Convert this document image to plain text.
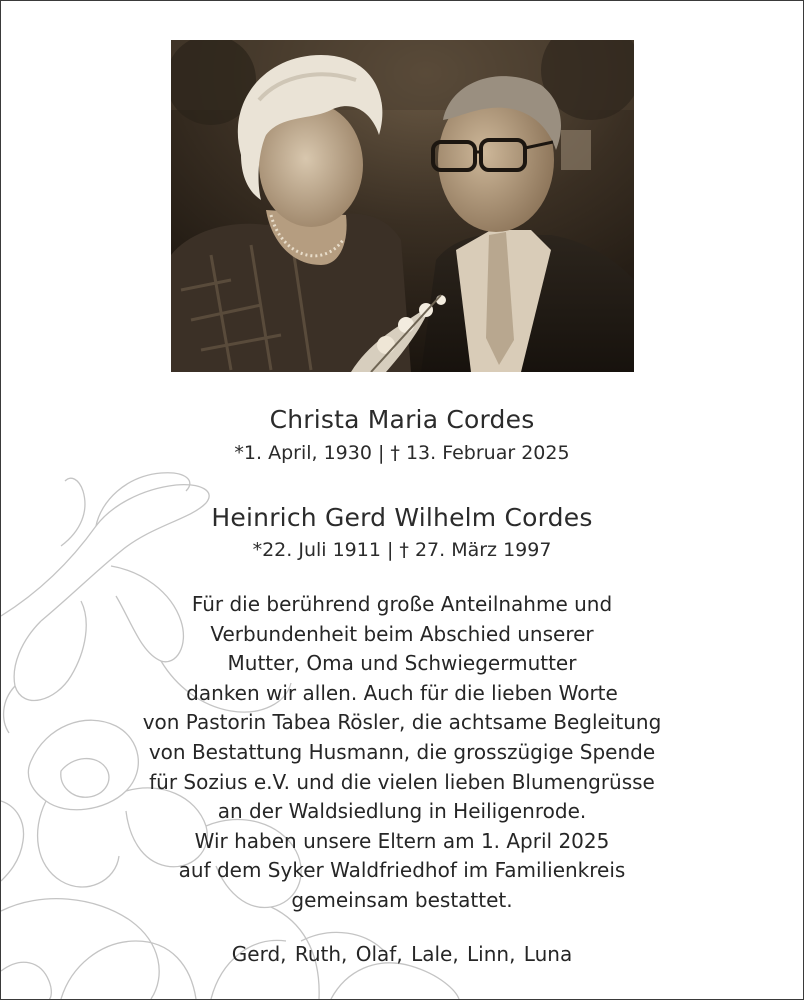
Christa Maria Cordes
*1. April, 1930 | † 13. Februar 2025
Heinrich Gerd Wilhelm Cordes
*22. Juli 1911 | † 27. März 1997
Für die berührend große Anteilnahme und
Verbundenheit beim Abschied unserer
Mutter, Oma und Schwiegermutter
danken wir allen. Auch für die lieben Worte
von Pastorin Tabea Rösler, die achtsame Begleitung
von Bestattung Husmann, die grosszügige Spende
für Sozius e.V. und die vielen lieben Blumengrüsse
an der Waldsiedlung in Heiligenrode.
Wir haben unsere Eltern am 1. April 2025
auf dem Syker Waldfriedhof im Familienkreis
gemeinsam bestattet.
Gerd, Ruth, Olaf, Lale, Linn, Luna
